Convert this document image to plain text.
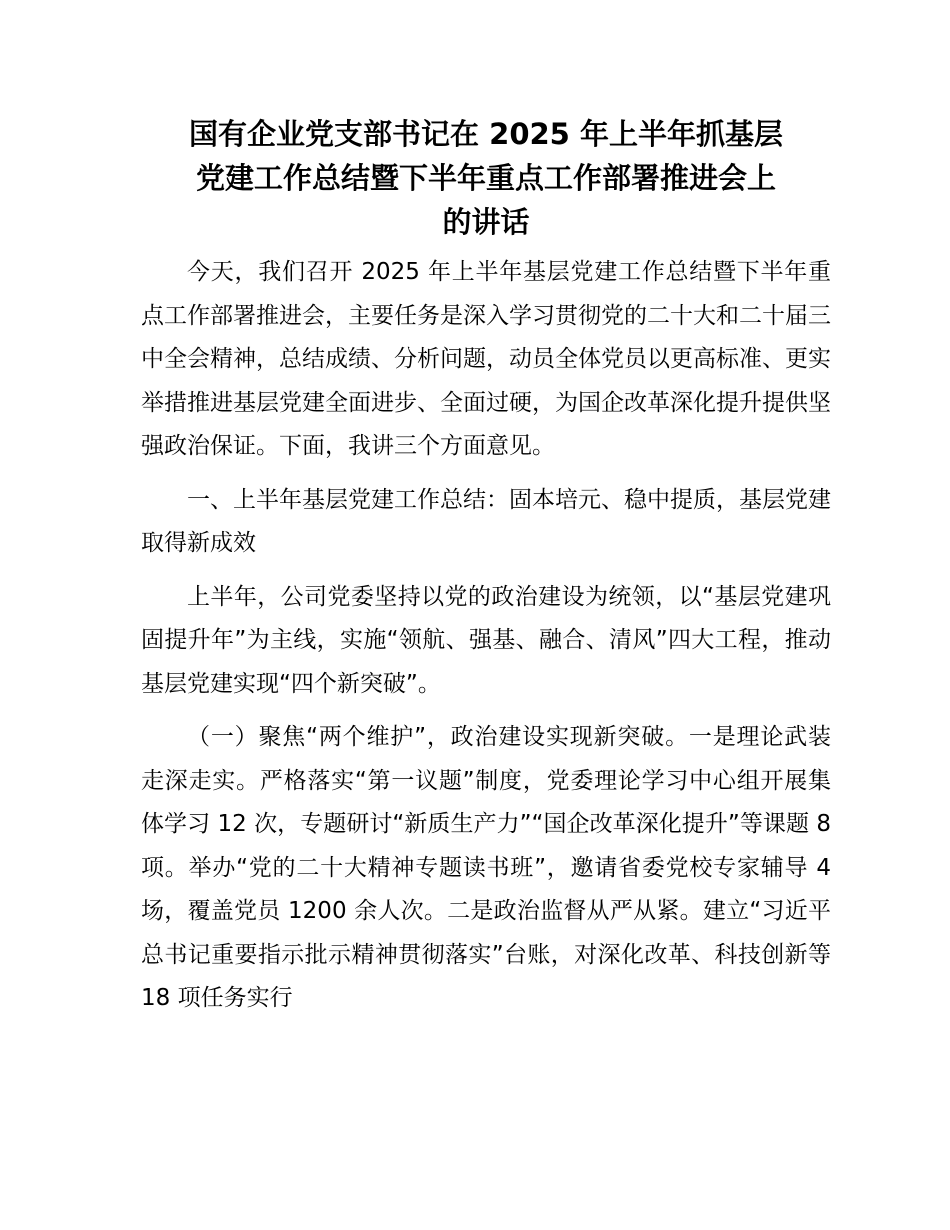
国有企业党支部书记在 2025 年上半年抓基层
党建工作总结暨下半年重点工作部署推进会上
的讲话

今天，我们召开 2025 年上半年基层党建工作总结暨下半年重点工作部署推进会，主要任务是深入学习贯彻党的二十大和二十届三中全会精神，总结成绩、分析问题，动员全体党员以更高标准、更实举措推进基层党建全面进步、全面过硬，为国企改革深化提升提供坚强政治保证。下面，我讲三个方面意见。

一、上半年基层党建工作总结：固本培元、稳中提质，基层党建取得新成效

上半年，公司党委坚持以党的政治建设为统领，以“基层党建巩固提升年”为主线，实施“领航、强基、融合、清风”四大工程，推动基层党建实现“四个新突破”。

（一）聚焦“两个维护”，政治建设实现新突破。一是理论武装走深走实。严格落实“第一议题”制度，党委理论学习中心组开展集体学习 12 次，专题研讨“新质生产力”“国企改革深化提升”等课题 8 项。举办“党的二十大精神专题读书班”，邀请省委党校专家辅导 4 场，覆盖党员 1200 余人次。二是政治监督从严从紧。建立“习近平总书记重要指示批示精神贯彻落实”台账，对深化改革、科技创新等 18 项任务实行
